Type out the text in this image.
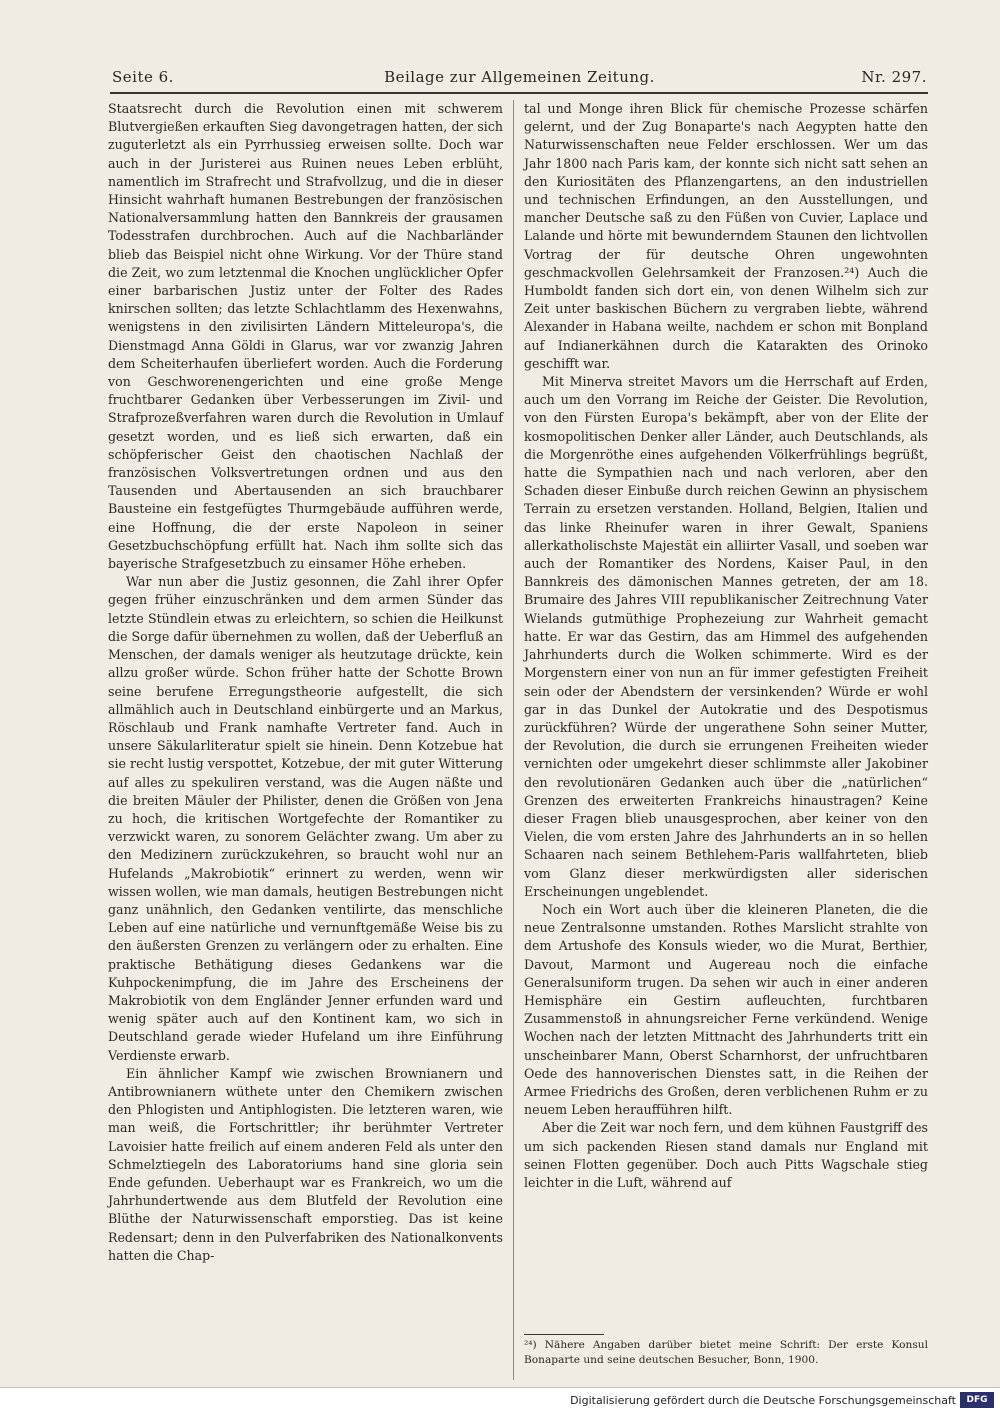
Seite 6.	Beilage zur Allgemeinen Zeitung.	Nr. 297.

Staatsrecht durch die Revolution einen mit schwerem Blutvergießen erkauften Sieg davongetragen hatten, der sich zuguterletzt als ein Pyrrhussieg erweisen sollte. Doch war auch in der Juristerei aus Ruinen neues Leben erblüht, namentlich im Strafrecht und Strafvollzug, und die in dieser Hinsicht wahrhaft humanen Bestrebungen der französischen Nationalversammlung hatten den Bannkreis der grausamen Todesstrafen durchbrochen. Auch auf die Nachbarländer blieb das Beispiel nicht ohne Wirkung. Vor der Thüre stand die Zeit, wo zum letztenmal die Knochen unglücklicher Opfer einer barbarischen Justiz unter der Folter des Rades knirschen sollten; das letzte Schlachtlamm des Hexenwahns, wenigstens in den zivilisirten Ländern Mitteleuropa's, die Dienstmagd Anna Göldi in Glarus, war vor zwanzig Jahren dem Scheiterhaufen überliefert worden. Auch die Forderung von Geschworenengerichten und eine große Menge fruchtbarer Gedanken über Verbesserungen im Zivil- und Strafprozeßverfahren waren durch die Revolution in Umlauf gesetzt worden, und es ließ sich erwarten, daß ein schöpferischer Geist den chaotischen Nachlaß der französischen Volksvertretungen ordnen und aus den Tausenden und Abertausenden an sich brauchbarer Bausteine ein festgefügtes Thurmgebäude aufführen werde, eine Hoffnung, die der erste Napoleon in seiner Gesetzbuchschöpfung erfüllt hat. Nach ihm sollte sich das bayerische Strafgesetzbuch zu einsamer Höhe erheben.

War nun aber die Justiz gesonnen, die Zahl ihrer Opfer gegen früher einzuschränken und dem armen Sünder das letzte Stündlein etwas zu erleichtern, so schien die Heilkunst die Sorge dafür übernehmen zu wollen, daß der Ueberfluß an Menschen, der damals weniger als heutzutage drückte, kein allzu großer würde. Schon früher hatte der Schotte Brown seine berufene Erregungstheorie aufgestellt, die sich allmählich auch in Deutschland einbürgerte und an Markus, Röschlaub und Frank namhafte Vertreter fand. Auch in unsere Säkularliteratur spielt sie hinein. Denn Kotzebue hat sie recht lustig verspottet, Kotzebue, der mit guter Witterung auf alles zu spekuliren verstand, was die Augen näßte und die breiten Mäuler der Philister, denen die Größen von Jena zu hoch, die kritischen Wortgefechte der Romantiker zu verzwickt waren, zu sonorem Gelächter zwang. Um aber zu den Medizinern zurückzukehren, so braucht wohl nur an Hufelands „Makrobiotik“ erinnert zu werden, wenn wir wissen wollen, wie man damals, heutigen Bestrebungen nicht ganz unähnlich, den Gedanken ventilirte, das menschliche Leben auf eine natürliche und vernunftgemäße Weise bis zu den äußersten Grenzen zu verlängern oder zu erhalten. Eine praktische Bethätigung dieses Gedankens war die Kuhpockenimpfung, die im Jahre des Erscheinens der Makrobiotik von dem Engländer Jenner erfunden ward und wenig später auch auf den Kontinent kam, wo sich in Deutschland gerade wieder Hufeland um ihre Einführung Verdienste erwarb.

Ein ähnlicher Kampf wie zwischen Brownianern und Antibrownianern wüthete unter den Chemikern zwischen den Phlogisten und Antiphlogisten. Die letzteren waren, wie man weiß, die Fortschrittler; ihr berühmter Vertreter Lavoisier hatte freilich auf einem anderen Feld als unter den Schmelztiegeln des Laboratoriums hand sine gloria sein Ende gefunden. Ueberhaupt war es Frankreich, wo um die Jahrhundertwende aus dem Blutfeld der Revolution eine Blüthe der Naturwissenschaft emporstieg. Das ist keine Redensart; denn in den Pulverfabriken des Nationalkonvents hatten die Chap-

tal und Monge ihren Blick für chemische Prozesse schärfen gelernt, und der Zug Bonaparte's nach Aegypten hatte den Naturwissenschaften neue Felder erschlossen. Wer um das Jahr 1800 nach Paris kam, der konnte sich nicht satt sehen an den Kuriositäten des Pflanzengartens, an den industriellen und technischen Erfindungen, an den Ausstellungen, und mancher Deutsche saß zu den Füßen von Cuvier, Laplace und Lalande und hörte mit bewunderndem Staunen den lichtvollen Vortrag der für deutsche Ohren ungewohnten geschmackvollen Gelehrsamkeit der Franzosen.²⁴) Auch die Humboldt fanden sich dort ein, von denen Wilhelm sich zur Zeit unter baskischen Büchern zu vergraben liebte, während Alexander in Habana weilte, nachdem er schon mit Bonpland auf Indianerkähnen durch die Katarakten des Orinoko geschifft war.

Mit Minerva streitet Mavors um die Herrschaft auf Erden, auch um den Vorrang im Reiche der Geister. Die Revolution, von den Fürsten Europa's bekämpft, aber von der Elite der kosmopolitischen Denker aller Länder, auch Deutschlands, als die Morgenröthe eines aufgehenden Völkerfrühlings begrüßt, hatte die Sympathien nach und nach verloren, aber den Schaden dieser Einbuße durch reichen Gewinn an physischem Terrain zu ersetzen verstanden. Holland, Belgien, Italien und das linke Rheinufer waren in ihrer Gewalt, Spaniens allerkatholischste Majestät ein alliirter Vasall, und soeben war auch der Romantiker des Nordens, Kaiser Paul, in den Bannkreis des dämonischen Mannes getreten, der am 18. Brumaire des Jahres VIII republikanischer Zeitrechnung Vater Wielands gutmüthige Prophezeiung zur Wahrheit gemacht hatte. Er war das Gestirn, das am Himmel des aufgehenden Jahrhunderts durch die Wolken schimmerte. Wird es der Morgenstern einer von nun an für immer gefestigten Freiheit sein oder der Abendstern der versinkenden? Würde er wohl gar in das Dunkel der Autokratie und des Despotismus zurückführen? Würde der ungerathene Sohn seiner Mutter, der Revolution, die durch sie errungenen Freiheiten wieder vernichten oder umgekehrt dieser schlimmste aller Jakobiner den revolutionären Gedanken auch über die „natürlichen“ Grenzen des erweiterten Frankreichs hinaustragen? Keine dieser Fragen blieb unausgesprochen, aber keiner von den Vielen, die vom ersten Jahre des Jahrhunderts an in so hellen Schaaren nach seinem Bethlehem-Paris wallfahrteten, blieb vom Glanz dieser merkwürdigsten aller siderischen Erscheinungen ungeblendet.

Noch ein Wort auch über die kleineren Planeten, die die neue Zentralsonne umstanden. Rothes Marslicht strahlte von dem Artushofe des Konsuls wieder, wo die Murat, Berthier, Davout, Marmont und Augereau noch die einfache Generalsuniform trugen. Da sehen wir auch in einer anderen Hemisphäre ein Gestirn aufleuchten, furchtbaren Zusammenstoß in ahnungsreicher Ferne verkündend. Wenige Wochen nach der letzten Mittnacht des Jahrhunderts tritt ein unscheinbarer Mann, Oberst Scharnhorst, der unfruchtbaren Oede des hannoverischen Dienstes satt, in die Reihen der Armee Friedrichs des Großen, deren verblichenen Ruhm er zu neuem Leben heraufführen hilft.

Aber die Zeit war noch fern, und dem kühnen Faustgriff des um sich packenden Riesen stand damals nur England mit seinen Flotten gegenüber. Doch auch Pitts Wagschale stieg leichter in die Luft, während auf

²⁴) Nähere Angaben darüber bietet meine Schrift: Der erste Konsul Bonaparte und seine deutschen Besucher, Bonn, 1900.
Digitalisierung gefördert durch die Deutsche Forschungsgemeinschaft	DFG
